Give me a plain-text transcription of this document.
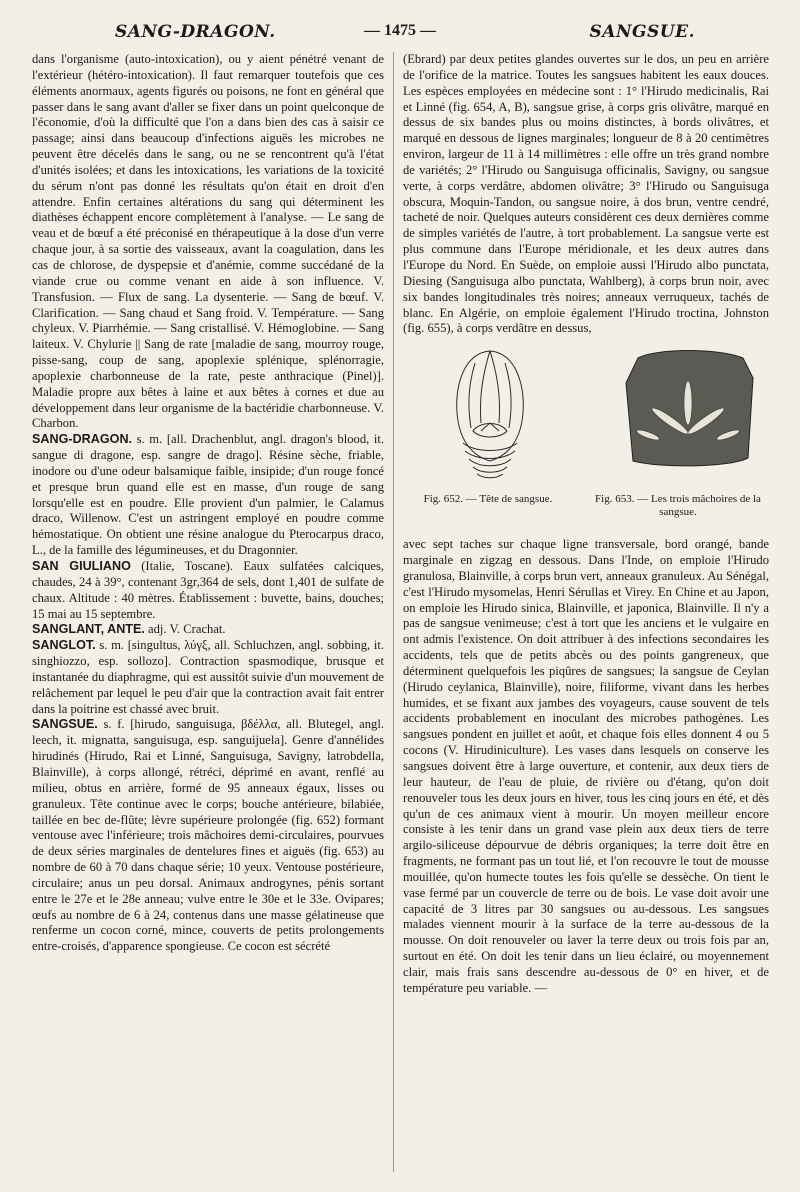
SANG-DRAGON.	— 1475 —	SANGSUE.

dans l'organisme (auto-intoxication), ou y aient pénétré venant de l'extérieur (hétéro-intoxication). Il faut remarquer toutefois que ces éléments anormaux, agents figurés ou poisons, ne font en général que passer dans le sang avant d'aller se fixer dans un point quelconque de l'économie, d'où la difficulté que l'on a dans bien des cas à saisir ce passage; ainsi dans beaucoup d'infections aiguës les microbes ne peuvent être décelés dans le sang, ou ne se rencontrent qu'à l'état d'unités isolées; et dans les intoxications, les variations de la toxicité du sérum n'ont pas donné les résultats qu'on était en droit d'en attendre. Enfin certaines altérations du sang qui déterminent les diathèses échappent encore complètement à l'analyse. — Le sang de veau et de bœuf a été préconisé en thérapeutique à la dose d'un verre chaque jour, à sa sortie des vaisseaux, avant la coagulation, dans les cas de chlorose, de dyspepsie et d'anémie, comme succédané de la viande crue ou comme venant en aide à son influence. V. Transfusion. — Flux de sang. La dysenterie. — Sang de bœuf. V. Clarification. — Sang chaud et Sang froid. V. Température. — Sang chyleux. V. Piarrhémie. — Sang cristallisé. V. Hémoglobine. — Sang laiteux. V. Chylurie || Sang de rate [maladie de sang, mourroy rouge, pisse-sang, coup de sang, apoplexie splénique, splénorragie, apoplexie charbonneuse de la rate, peste anthracique (Pinel)]. Maladie propre aux bêtes à laine et aux bêtes à cornes et due au développement dans leur organisme de la bactéridie charbonneuse. V. Charbon.

SANG-DRAGON. s. m. [all. Drachenblut, angl. dragon's blood, it. sangue di dragone, esp. sangre de drago]. Résine sèche, friable, inodore ou d'une odeur balsamique faible, insipide; d'un rouge foncé et presque brun quand elle est en masse, d'un rouge de sang lorsqu'elle est en poudre. Elle provient d'un palmier, le Calamus draco, Willenow. C'est un astringent employé en poudre comme hémostatique. On obtient une résine analogue du Pterocarpus draco, L., de la famille des légumineuses, et du Dragonnier.

SAN GIULIANO (Italie, Toscane). Eaux sulfatées calciques, chaudes, 24 à 39°, contenant 3gr,364 de sels, dont 1,401 de sulfate de chaux. Altitude : 40 mètres. Établissement : buvette, bains, douches; 15 mai au 15 septembre.

SANGLANT, ANTE. adj. V. Crachat.

SANGLOT. s. m. [singultus, λύγξ, all. Schluchzen, angl. sobbing, it. singhiozzo, esp. sollozo]. Contraction spasmodique, brusque et instantanée du diaphragme, qui est aussitôt suivie d'un mouvement de relâchement par lequel le peu d'air que la contraction avait fait entrer dans la poitrine est chassé avec bruit.

SANGSUE. s. f. [hirudo, sanguisuga, βδέλλα, all. Blutegel, angl. leech, it. mignatta, sanguisuga, esp. sanguijuela]. Genre d'annélides hirudinés (Hirudo, Rai et Linné, Sanguisuga, Savigny, latrobdella, Blainville), à corps allongé, rétréci, déprimé en avant, renflé au milieu, obtus en arrière, formé de 95 anneaux égaux, lisses ou granuleux. Tête continue avec le corps; bouche antérieure, bilabiée, taillée en bec de-flûte; lèvre supérieure prolongée (fig. 652) formant ventouse avec l'inférieure; trois mâchoires demi-circulaires, pourvues de deux séries marginales de dentelures fines et aiguës (fig. 653) au nombre de 60 à 70 dans chaque série; 10 yeux. Ventouse postérieure, circulaire; anus un peu dorsal. Animaux androgynes, pénis sortant entre le 27e et le 28e anneau; vulve entre le 30e et le 33e. Ovipares; œufs au nombre de 6 à 24, contenus dans une masse gélatineuse que renferme un cocon corné, mince, couverts de petits prolongements entre-croisés, d'apparence spongieuse. Ce cocon est sécrété

(Ebrard) par deux petites glandes ouvertes sur le dos, un peu en arrière de l'orifice de la matrice. Toutes les sangsues habitent les eaux douces. Les espèces employées en médecine sont : 1° l'Hirudo medicinalis, Rai et Linné (fig. 654, A, B), sangsue grise, à corps gris olivâtre, marqué en dessus de six bandes plus ou moins distinctes, à bords olivâtres, et marqué en dessous de lignes marginales; longueur de 8 à 20 centimètres environ, largeur de 11 à 14 millimètres : elle offre un très grand nombre de variétés; 2° l'Hirudo ou Sanguisuga officinalis, Savigny, ou sangsue verte, à corps verdâtre, abdomen olivâtre; 3° l'Hirudo ou Sanguisuga obscura, Moquin-Tandon, ou sangsue noire, à dos brun, ventre cendré, tacheté de noir. Quelques auteurs considèrent ces deux dernières comme de simples variétés de l'autre, à tort probablement. La sangsue verte est plus commune dans l'Europe méridionale, et les deux autres dans l'Europe du Nord. En Suède, on emploie aussi l'Hirudo albo punctata, Diesing (Sanguisuga albo punctata, Wahlberg), à corps brun noir, avec six bandes longitudinales très noires; anneaux verruqueux, tachés de blanc. En Algérie, on emploie également l'Hirudo troctina, Johnston (fig. 655), à corps verdâtre en dessus,

Fig. 652. — Tête de sangsue.	Fig. 653. — Les trois mâchoires de la sangsue.

avec sept taches sur chaque ligne transversale, bord orangé, bande marginale en zigzag en dessous. Dans l'Inde, on emploie l'Hirudo granulosa, Blainville, à corps brun vert, anneaux granuleux. Au Sénégal, c'est l'Hirudo mysomelas, Henri Sérullas et Virey. En Chine et au Japon, on emploie les Hirudo sinica, Blainville, et japonica, Blainville. Il n'y a pas de sangsue venimeuse; c'est à tort que les anciens et le vulgaire en ont admis l'existence. On doit attribuer à des infections secondaires les accidents, tels que de petits abcès ou des points gangreneux, que déterminent quelquefois les piqûres de sangsues; la sangsue de Ceylan (Hirudo ceylanica, Blainville), noire, filiforme, vivant dans les herbes humides, et se fixant aux jambes des voyageurs, cause souvent de tels accidents probablement en inoculant des microbes pathogènes. Les sangsues pondent en juillet et août, et chaque fois elles donnent 4 ou 5 cocons (V. Hirudiniculture). Les vases dans lesquels on conserve les sangsues doivent être à large ouverture, et contenir, aux deux tiers de leur hauteur, de l'eau de pluie, de rivière ou d'étang, qu'on doit renouveler tous les deux jours en hiver, tous les cinq jours en été, et dès qu'un de ces animaux vient à mourir. Un moyen meilleur encore consiste à les tenir dans un grand vase plein aux deux tiers de terre argilo-siliceuse dépourvue de débris organiques; la terre doit être en fragments, ne formant pas un tout lié, et l'on recouvre le tout de mousse mouillée, qu'on humecte toutes les fois qu'elle se dessèche. On tient le vase fermé par un couvercle de terre ou de bois. Le vase doit avoir une capacité de 3 litres par 30 sangsues ou au-dessous. Les sangsues malades viennent mourir à la surface de la terre au-dessous de la mousse. On doit renouveler ou laver la terre deux ou trois fois par an, surtout en été. On doit les tenir dans un lieu éclairé, ou moyennement clair, mais frais sans descendre au-dessous de 0° en hiver, et de température peu variable. —
